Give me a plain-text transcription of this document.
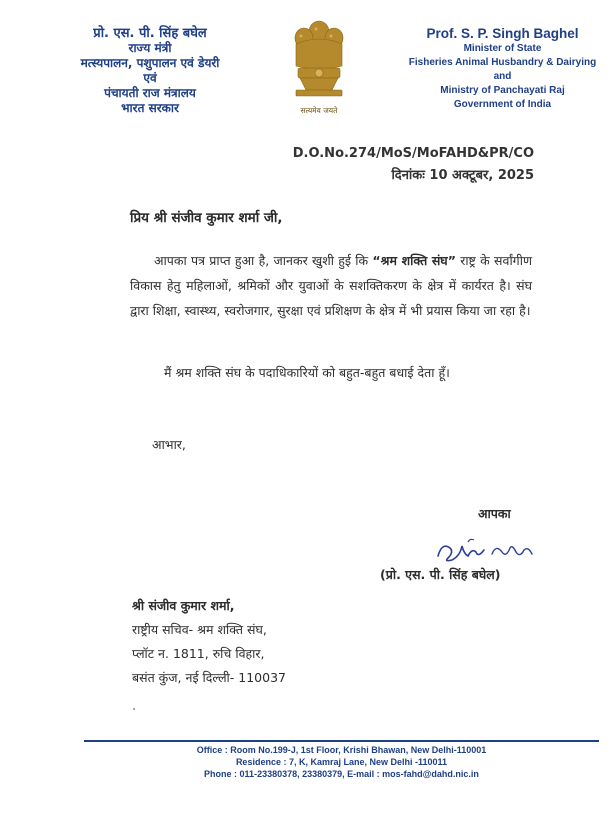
प्रो. एस. पी. सिंह बघेल
राज्य मंत्री
मत्स्यपालन, पशुपालन एवं डेयरी
एवं
पंचायती राज मंत्रालय
भारत सरकार	सत्यमेव जयते
Prof. S. P. Singh Baghel
Minister of State
Fisheries Animal Husbandry & Dairying
and
Ministry of Panchayati Raj
Government of India
D.O.No.274/MoS/MoFAHD&PR/CO
दिनांकः 10 अक्टूबर, 2025
प्रिय श्री संजीव कुमार शर्मा जी,
आपका पत्र प्राप्त हुआ है, जानकर खुशी हुई कि “श्रम शक्ति संघ” राष्ट्र के सर्वांगीण विकास हेतु महिलाओं, श्रमिकों और युवाओं के सशक्तिकरण के क्षेत्र में कार्यरत है। संघ द्वारा शिक्षा, स्वास्थ्य, स्वरोजगार, सुरक्षा एवं प्रशिक्षण के क्षेत्र में भी प्रयास किया जा रहा है।
मैं श्रम शक्ति संघ के पदाधिकारियों को बहुत-बहुत बधाई देता हूँ।
आभार,
आपका
(प्रो. एस. पी. सिंह बघेल)
श्री संजीव कुमार शर्मा,
राष्ट्रीय सचिव- श्रम शक्ति संघ,
प्लॉट न. 1811, रुचि विहार,
बसंत कुंज, नई दिल्ली- 110037
Office : Room No.199-J, 1st Floor, Krishi Bhawan, New Delhi-110001
Residence : 7, K, Kamraj Lane, New Delhi -110011
Phone : 011-23380378, 23380379, E-mail : mos-fahd@dahd.nic.in
